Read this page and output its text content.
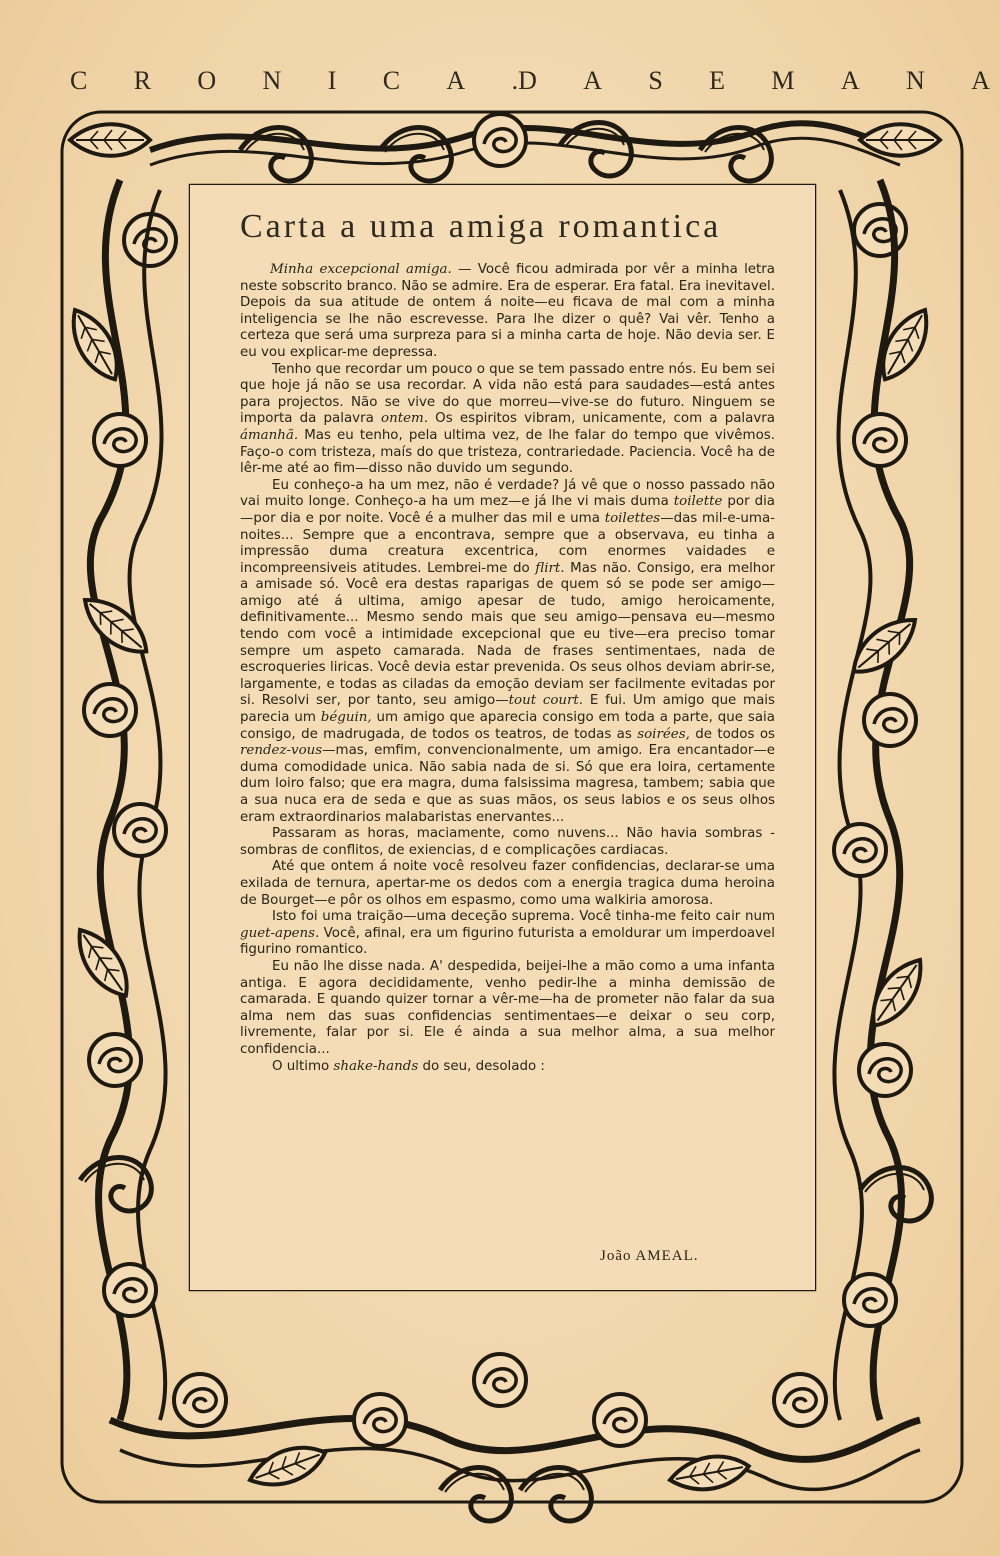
C R O N I C A .D A S E M A N A
Carta a uma amiga romantica

Minha excepcional amiga. — Você ficou admirada por vêr a minha letra neste sobscrito branco. Não se admire. Era de esperar. Era fatal. Era inevitavel. Depois da sua atitude de ontem á noite—eu ficava de mal com a minha inteligencia se lhe não escrevesse. Para lhe dizer o quê? Vai vêr. Tenho a certeza que será uma surpreza para si a minha carta de hoje. Não devia ser. E eu vou explicar-me depressa.

Tenho que recordar um pouco o que se tem passado entre nós. Eu bem sei que hoje já não se usa recordar. A vida não está para saudades—está antes para projectos. Não se vive do que morreu—vive-se do futuro. Ninguem se importa da palavra ontem. Os espiritos vibram, unicamente, com a palavra ámanhã. Mas eu tenho, pela ultima vez, de lhe falar do tempo que vivêmos. Faço-o com tristeza, maís do que tristeza, contrariedade. Paciencia. Você ha de lêr-me até ao fim—disso não duvido um segundo.

Eu conheço-a ha um mez, não é verdade? Já vê que o nosso passado não vai muito longe. Conheço-a ha um mez—e já lhe vi mais duma toilette por dia—por dia e por noite. Você é a mulher das mil e uma toilettes—das mil-e-uma-noites... Sempre que a encontrava, sempre que a observava, eu tinha a impressão duma creatura excentrica, com enormes vaidades e incompreensiveis atitudes. Lembrei-me do flirt. Mas não. Consigo, era melhor a amisade só. Você era destas raparigas de quem só se pode ser amigo—amigo até á ultima, amigo apesar de tudo, amigo heroicamente, definitivamente... Mesmo sendo mais que seu amigo—pensava eu—mesmo tendo com você a intimidade excepcional que eu tive—era preciso tomar sempre um aspeto camarada. Nada de frases sentimentaes, nada de escroqueries liricas. Você devia estar prevenida. Os seus olhos deviam abrir-se, largamente, e todas as ciladas da emoção deviam ser facilmente evitadas por si. Resolvi ser, por tanto, seu amigo—tout court. E fui. Um amigo que mais parecia um béguin, um amigo que aparecia consigo em toda a parte, que saia consigo, de madrugada, de todos os teatros, de todas as soirées, de todos os rendez-vous—mas, emfim, convencionalmente, um amigo. Era encantador—e duma comodidade unica. Não sabia nada de si. Só que era loira, certamente dum loiro falso; que era magra, duma falsissima magresa, tambem; sabia que a sua nuca era de seda e que as suas mãos, os seus labios e os seus olhos eram extraordinarios malabaristas enervantes...

Passaram as horas, maciamente, como nuvens... Não havia sombras - sombras de conflitos, de exiencias, d e complicações cardiacas.

Até que ontem á noite você resolveu fazer confidencias, declarar-se uma exilada de ternura, apertar-me os dedos com a energia tragica duma heroina de Bourget—e pôr os olhos em espasmo, como uma walkiria amorosa.

Isto foi uma traição—uma deceção suprema. Você tinha-me feito cair num guet-apens. Você, afinal, era um figurino futurista a emoldurar um imperdoavel figurino romantico.

Eu não lhe disse nada. A' despedida, beijei-lhe a mão como a uma infanta antiga. E agora decididamente, venho pedir-lhe a minha demissão de camarada. E quando quizer tornar a vêr-me—ha de prometer não falar da sua alma nem das suas confidencias sentimentaes—e deixar o seu corp, livremente, falar por si. Ele é ainda a sua melhor alma, a sua melhor confidencia...

O ultimo shake-hands do seu, desolado :

João AMEAL.
